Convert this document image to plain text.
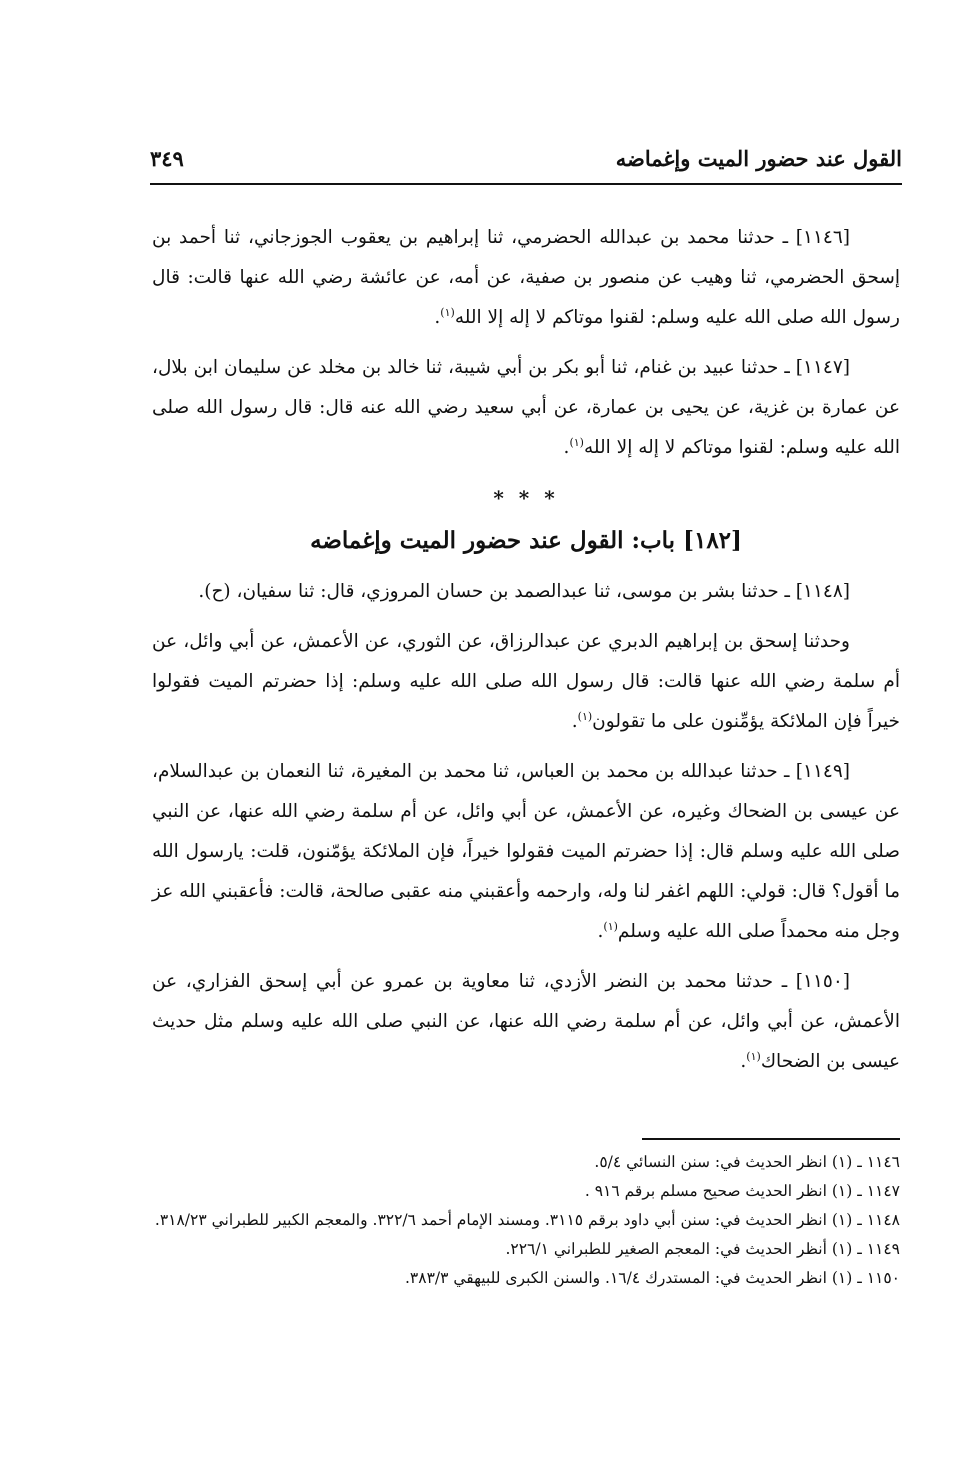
القول عند حضور الميت وإغماضه
٣٤٩

[١١٤٦] ـ حدثنا محمد بن عبدالله الحضرمي، ثنا إبراهيم بن يعقوب الجوزجاني، ثنا أحمد بن إسحق الحضرمي، ثنا وهيب عن منصور بن صفية، عن أمه، عن عائشة رضي الله عنها قالت: قال رسول الله صلى الله عليه وسلم: لقنوا موتاكم لا إله إلا الله$^{(١)}$.

[١١٤٧] ـ حدثنا عبيد بن غنام، ثنا أبو بكر بن أبي شيبة، ثنا خالد بن مخلد عن سليمان ابن بلال، عن عمارة بن غزية، عن يحيى بن عمارة، عن أبي سعيد رضي الله عنه قال: قال رسول الله صلى الله عليه وسلم: لقنوا موتاكم لا إله إلا الله$^{(١)}$.

* * *
[١٨٢] باب: القول عند حضور الميت وإغماضه

[١١٤٨] ـ حدثنا بشر بن موسى، ثنا عبدالصمد بن حسان المروزي، قال: ثنا سفيان، (ح).

وحدثنا إسحق بن إبراهيم الدبري عن عبدالرزاق، عن الثوري، عن الأعمش، عن أبي وائل، عن أم سلمة رضي الله عنها قالت: قال رسول الله صلى الله عليه وسلم: إذا حضرتم الميت فقولوا خيراً فإن الملائكة يؤمِّنون على ما تقولون$^{(١)}$.

[١١٤٩] ـ حدثنا عبدالله بن محمد بن العباس، ثنا محمد بن المغيرة، ثنا النعمان بن عبدالسلام، عن عيسى بن الضحاك وغيره، عن الأعمش، عن أبي وائل، عن أم سلمة رضي الله عنها، عن النبي صلى الله عليه وسلم قال: إذا حضرتم الميت فقولوا خيراً، فإن الملائكة يؤمّنون، قلت: يارسول الله ما أقول؟ قال: قولي: اللهم اغفر لنا وله، وارحمه وأعقبني منه عقبى صالحة، قالت: فأعقبني الله عز وجل منه محمداً صلى الله عليه وسلم$^{(١)}$.

[١١٥٠] ـ حدثنا محمد بن النضر الأزدي، ثنا معاوية بن عمرو عن أبي إسحق الفزاري، عن الأعمش، عن أبي وائل، عن أم سلمة رضي الله عنها، عن النبي صلى الله عليه وسلم مثل حديث عيسى بن الضحاك$^{(١)}$.

١١٤٦ ـ (١) انظر الحديث في: سنن النسائي ٥/٤.

١١٤٧ ـ (١) انظر الحديث صحيح مسلم برقم ٩١٦ .

١١٤٨ ـ (١) انظر الحديث في: سنن أبي داود برقم ٣١١٥. ومسند الإمام أحمد ٣٢٢/٦. والمعجم الكبير للطبراني ٣١٨/٢٣.

١١٤٩ ـ (١) أنظر الحديث في: المعجم الصغير للطبراني ٢٢٦/١.

١١٥٠ ـ (١) انظر الحديث في: المستدرك ١٦/٤. والسنن الكبرى للبيهقي ٣٨٣/٣.
